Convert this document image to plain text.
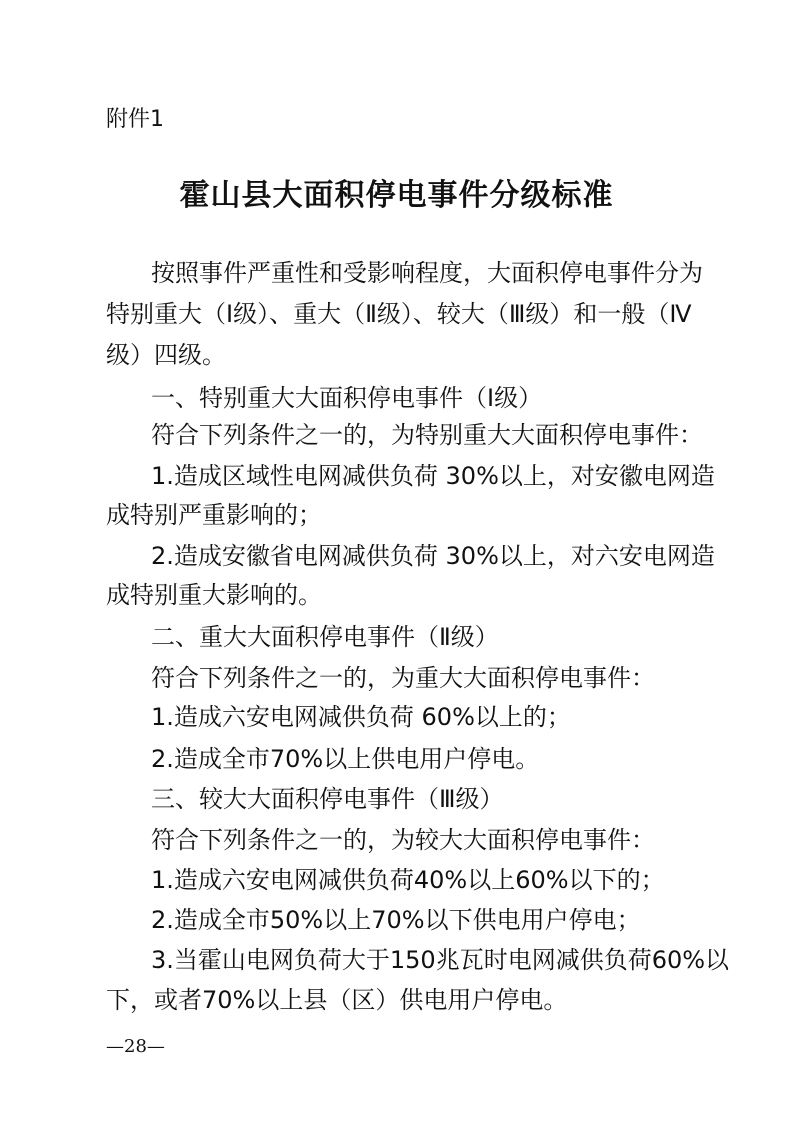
附件1
霍山县大面积停电事件分级标准
按照事件严重性和受影响程度，大面积停电事件分为
特别重大（Ⅰ级）、重大（Ⅱ级）、较大（Ⅲ级）和一般（Ⅳ
级）四级。
一、特别重大大面积停电事件（Ⅰ级）
符合下列条件之一的，为特别重大大面积停电事件：
1.造成区域性电网减供负荷 30%以上，对安徽电网造
成特别严重影响的；
2.造成安徽省电网减供负荷 30%以上，对六安电网造
成特别重大影响的。
二、重大大面积停电事件（Ⅱ级）
符合下列条件之一的，为重大大面积停电事件：
1.造成六安电网减供负荷 60%以上的；
2.造成全市70%以上供电用户停电。
三、较大大面积停电事件（Ⅲ级）
符合下列条件之一的，为较大大面积停电事件：
1.造成六安电网减供负荷40%以上60%以下的；
2.造成全市50%以上70%以下供电用户停电；
3.当霍山电网负荷大于150兆瓦时电网减供负荷60%以
下，或者70%以上县（区）供电用户停电。
—28—
